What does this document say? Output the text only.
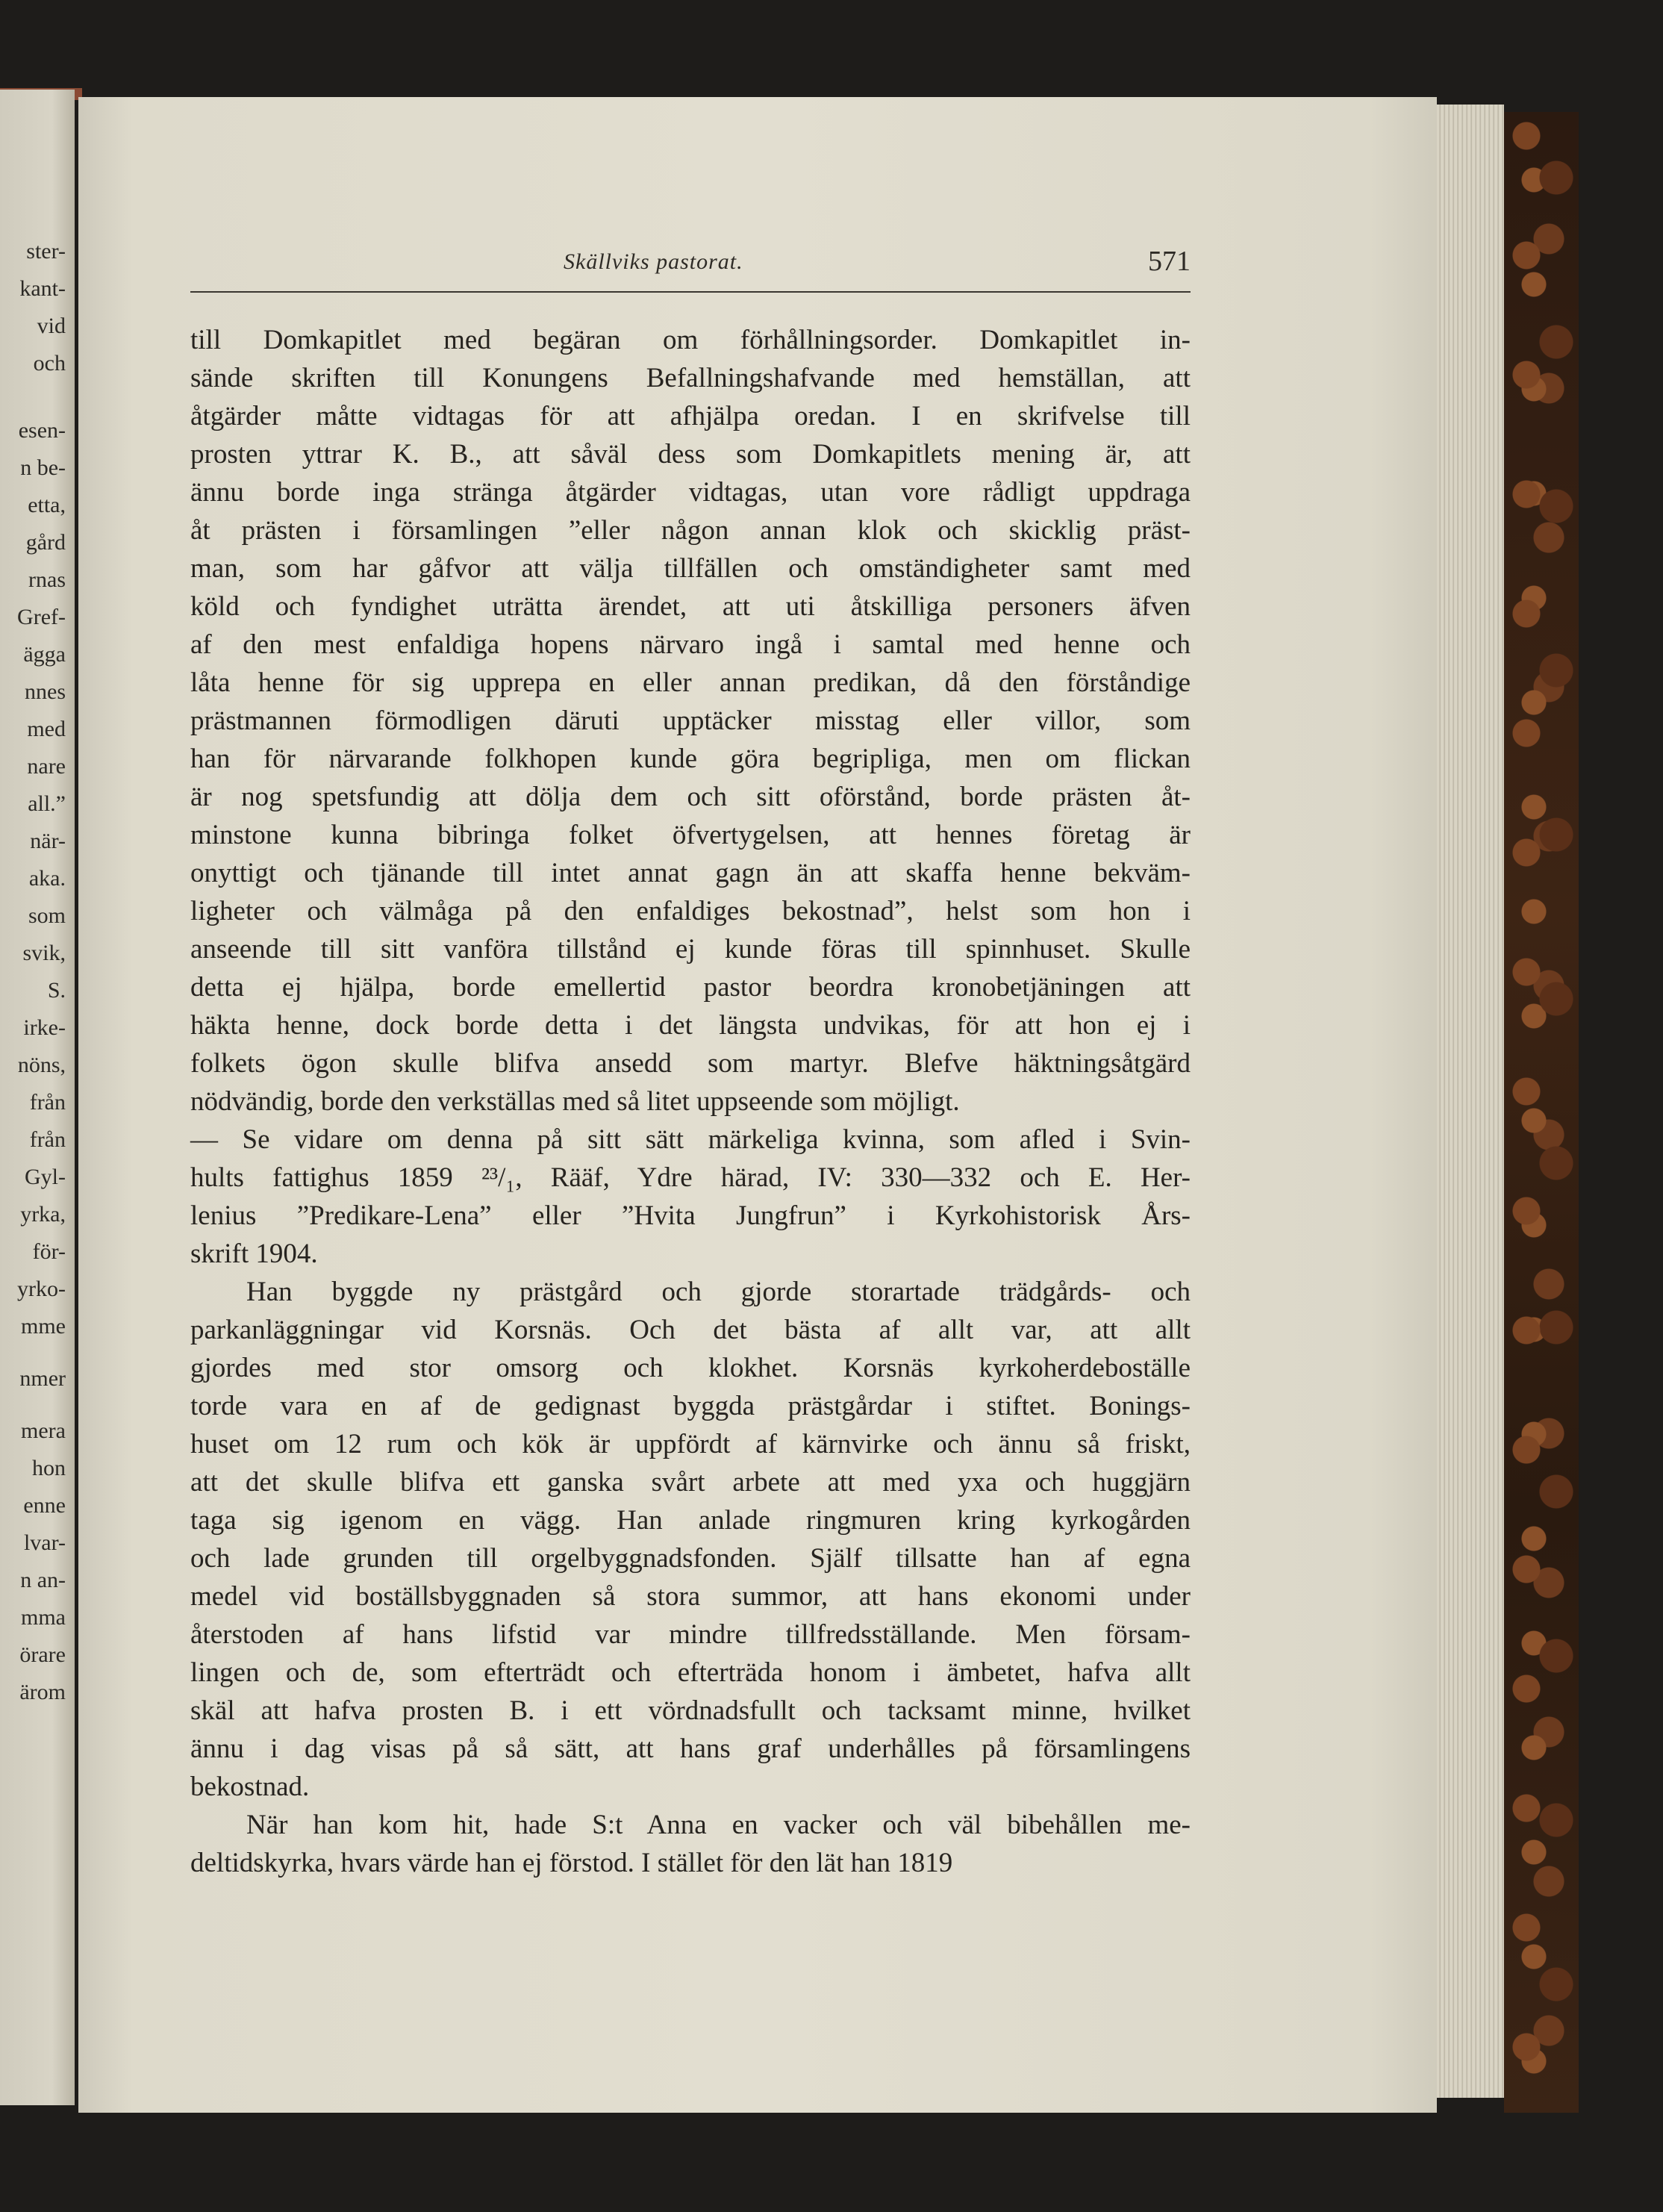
ster-
kant-
vid
och
esen-
n be-
etta,
gård
rnas
Gref-
ägga
nnes
med
nare
all.”
när-
aka.
som
svik,
S.
irke-
nöns,
från
från
Gyl-
yrka,
för-
yrko-
mme
nmer
mera
hon
enne
lvar-
n an-
mma
örare
ärom
Skällviks pastorat.	571
till Domkapitlet med begäran om förhållningsorder. Domkapitlet in-
sände skriften till Konungens Befallningshafvande med hemställan, att
åtgärder måtte vidtagas för att afhjälpa oredan. I en skrifvelse till
prosten yttrar K. B., att såväl dess som Domkapitlets mening är, att
ännu borde inga stränga åtgärder vidtagas, utan vore rådligt uppdraga
åt prästen i församlingen ”eller någon annan klok och skicklig präst-
man, som har gåfvor att välja tillfällen och omständigheter samt med
köld och fyndighet uträtta ärendet, att uti åtskilliga personers äfven
af den mest enfaldiga hopens närvaro ingå i samtal med henne och
låta henne för sig upprepa en eller annan predikan, då den förståndige
prästmannen förmodligen däruti upptäcker misstag eller villor, som
han för närvarande folkhopen kunde göra begripliga, men om flickan
är nog spetsfundig att dölja dem och sitt oförstånd, borde prästen åt-
minstone kunna bibringa folket öfvertygelsen, att hennes företag är
onyttigt och tjänande till intet annat gagn än att skaffa henne bekväm-
ligheter och välmåga på den enfaldiges bekostnad”, helst som hon i
anseende till sitt vanföra tillstånd ej kunde föras till spinnhuset. Skulle
detta ej hjälpa, borde emellertid pastor beordra kronobetjäningen att
häkta henne, dock borde detta i det längsta undvikas, för att hon ej i
folkets ögon skulle blifva ansedd som martyr. Blefve häktningsåtgärd
nödvändig, borde den verkställas med så litet uppseende som möjligt.
— Se vidare om denna på sitt sätt märkeliga kvinna, som afled i Svin-
hults fattighus 1859 ²³/₁, Rääf, Ydre härad, IV: 330—332 och E. Her-
lenius ”Predikare-Lena” eller ”Hvita Jungfrun” i Kyrkohistorisk Års-
skrift 1904.
Han byggde ny prästgård och gjorde storartade trädgårds- och
parkanläggningar vid Korsnäs. Och det bästa af allt var, att allt
gjordes med stor omsorg och klokhet. Korsnäs kyrkoherdeboställe
torde vara en af de gedignast byggda prästgårdar i stiftet. Bonings-
huset om 12 rum och kök är uppfördt af kärnvirke och ännu så friskt,
att det skulle blifva ett ganska svårt arbete att med yxa och huggjärn
taga sig igenom en vägg. Han anlade ringmuren kring kyrkogården
och lade grunden till orgelbyggnadsfonden. Själf tillsatte han af egna
medel vid boställsbyggnaden så stora summor, att hans ekonomi under
återstoden af hans lifstid var mindre tillfredsställande. Men försam-
lingen och de, som efterträdt och efterträda honom i ämbetet, hafva allt
skäl att hafva prosten B. i ett vördnadsfullt och tacksamt minne, hvilket
ännu i dag visas på så sätt, att hans graf underhålles på församlingens
bekostnad.
När han kom hit, hade S:t Anna en vacker och väl bibehållen me-
deltidskyrka, hvars värde han ej förstod. I stället för den lät han 1819
